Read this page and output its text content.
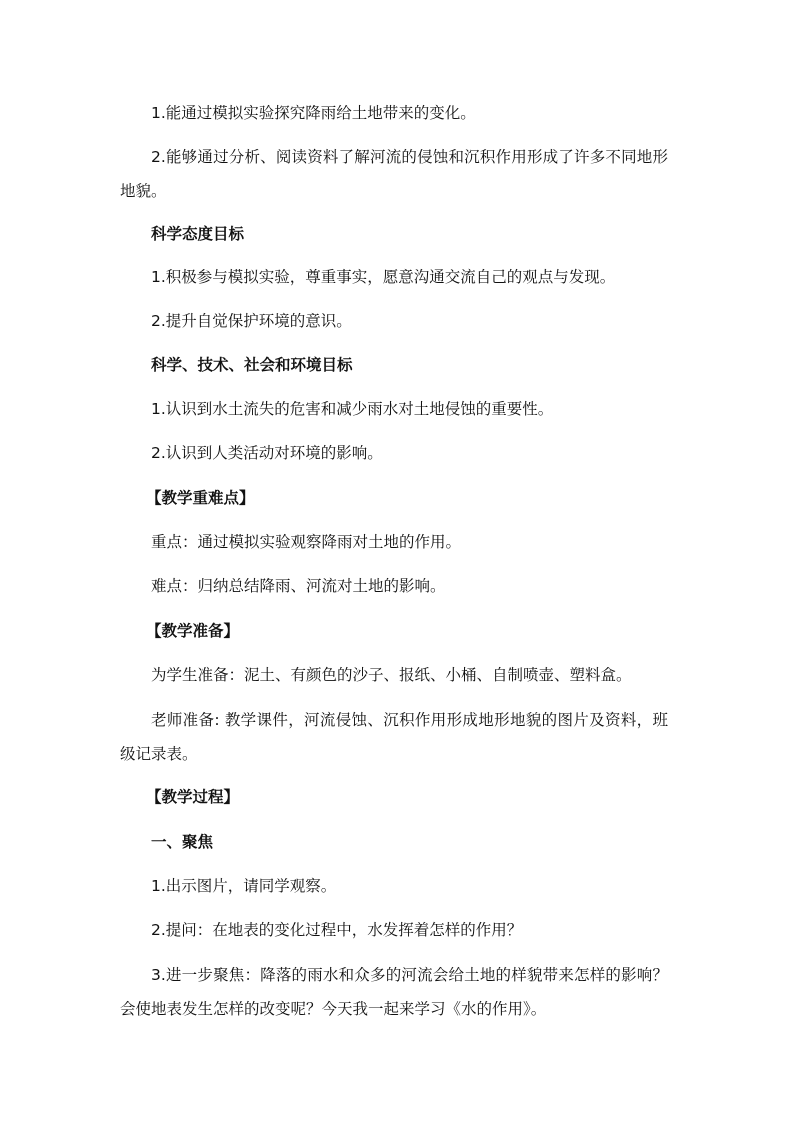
1.能通过模拟实验探究降雨给土地带来的变化。

2.能够通过分析、阅读资料了解河流的侵蚀和沉积作用形成了许多不同地形地貌。

科学态度目标

1.积极参与模拟实验，尊重事实，愿意沟通交流自己的观点与发现。

2.提升自觉保护环境的意识。

科学、技术、社会和环境目标

1.认识到水土流失的危害和减少雨水对土地侵蚀的重要性。

2.认识到人类活动对环境的影响。

【教学重难点】

重点：通过模拟实验观察降雨对土地的作用。

难点：归纳总结降雨、河流对土地的影响。

【教学准备】

为学生准备：泥土、有颜色的沙子、报纸、小桶、自制喷壶、塑料盒。

老师准备: 教学课件，河流侵蚀、沉积作用形成地形地貌的图片及资料，班级记录表。

【教学过程】

一、聚焦

1.出示图片，请同学观察。

2.提问：在地表的变化过程中，水发挥着怎样的作用？

3.进一步聚焦：降落的雨水和众多的河流会给土地的样貌带来怎样的影响？会使地表发生怎样的改变呢？今天我一起来学习《水的作用》。
